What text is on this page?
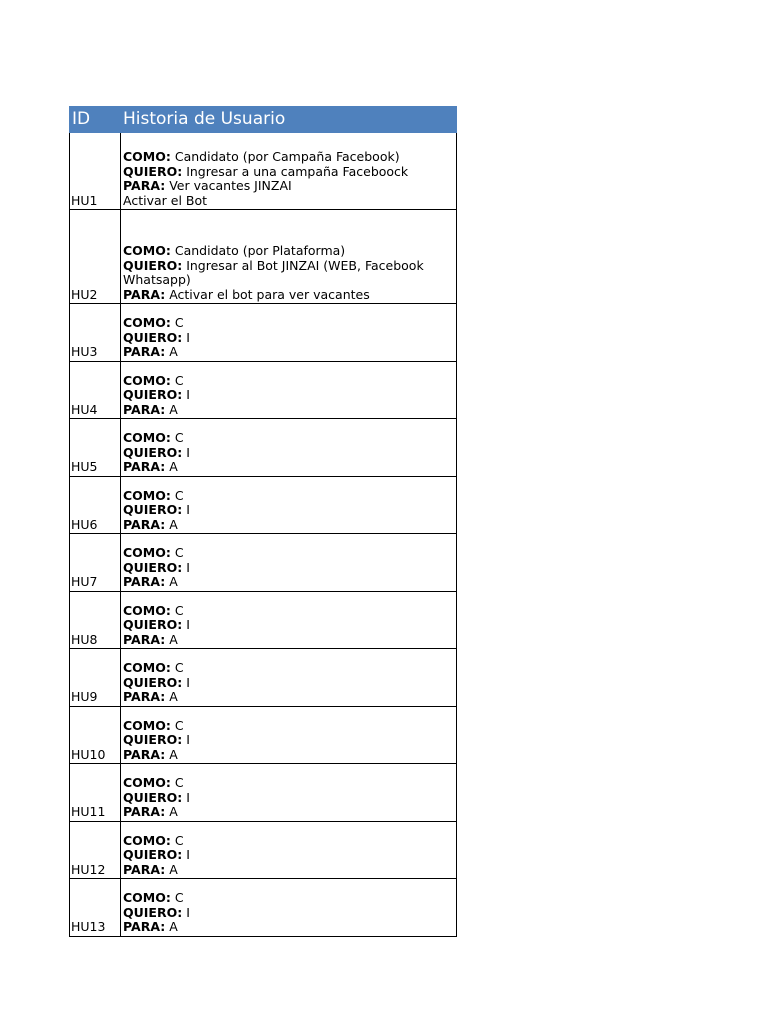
ID	Historia de Usuario
HU1	COMO: Candidato (por Campaña Facebook)
QUIERO: Ingresar a una campaña Faceboock
PARA: Ver vacantes JINZAI
Activar el Bot

HU2	COMO: Candidato (por Plataforma)
QUIERO: Ingresar al Bot JINZAI (WEB, Facebook Whatsapp)
PARA: Activar el bot para ver vacantes

HU3	COMO: C
QUIERO: I
PARA: A

HU4	COMO: C
QUIERO: I
PARA: A

HU5	COMO: C
QUIERO: I
PARA: A

HU6	COMO: C
QUIERO: I
PARA: A

HU7	COMO: C
QUIERO: I
PARA: A

HU8	COMO: C
QUIERO: I
PARA: A

HU9	COMO: C
QUIERO: I
PARA: A

HU10	COMO: C
QUIERO: I
PARA: A

HU11	COMO: C
QUIERO: I
PARA: A

HU12	COMO: C
QUIERO: I
PARA: A

HU13	COMO: C
QUIERO: I
PARA: A
